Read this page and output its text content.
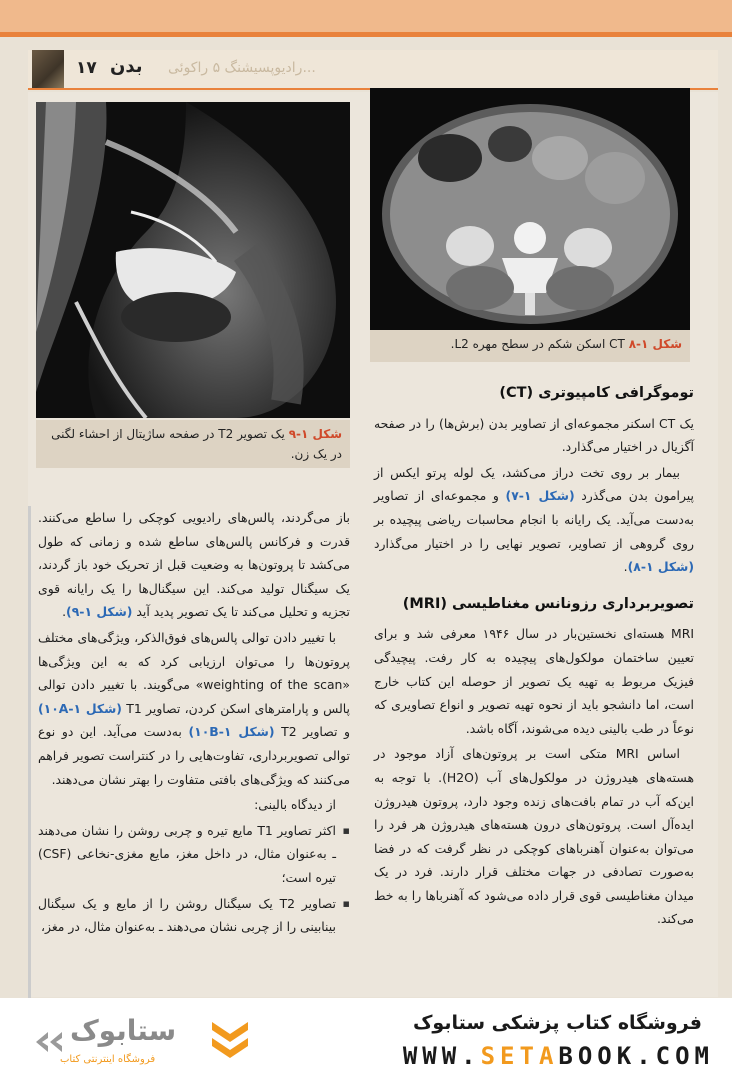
۱۷ بدن رادیوپسیشنگ ۵ راکوئی...
شکل ۱-۸ CT اسکن شکم در سطح مهره L2.
شکل ۱-۹ یک تصویر T2 در صفحه ساژیتال از احشاء لگنی در یک زن.
توموگرافی کامپیوتری (CT)

یک CT اسکنر مجموعه‌ای از تصاویر بدن (برش‌ها) را در صفحه آگزیال در اختیار می‌گذارد.

بیمار بر روی تخت دراز می‌کشد، یک لوله پرتو ایکس از پیرامون بدن می‌گذرد (شکل ۱-۷) و مجموعه‌ای از تصاویر به‌دست می‌آید. یک رایانه با انجام محاسبات ریاضی پیچیده بر روی گروهی از تصاویر، تصویر نهایی را در اختیار می‌گذارد (شکل ۱-۸).

تصویربرداری رزونانس مغناطیسی (MRI)

MRI هسته‌ای نخستین‌بار در سال ۱۹۴۶ معرفی شد و برای تعیین ساختمان مولکول‌های پیچیده به کار رفت. پیچیدگی فیزیک مربوط به تهیه یک تصویر از حوصله این کتاب خارج است، اما دانشجو باید از نحوه تهیه تصویر و انواع تصاویری که نوعاً در طب بالینی دیده می‌شوند، آگاه باشد.

اساس MRI متکی است بر پروتون‌های آزاد موجود در هسته‌های هیدروژن در مولکول‌های آب (H2O). با توجه به این‌که آب در تمام بافت‌های زنده وجود دارد، پروتون هیدروژن ایده‌آل است. پروتون‌های درون هسته‌های هیدروژن هر فرد را می‌توان به‌عنوان آهنرباهای کوچکی در نظر گرفت که در فضا به‌صورت تصادفی در جهات مختلف قرار دارند. فرد در یک میدان مغناطیسی قوی قرار داده می‌شود که آهنرباها را به خط می‌کند.

باز می‌گردند، پالس‌های رادیویی کوچکی را ساطع می‌کنند. قدرت و فرکانس پالس‌های ساطع شده و زمانی که طول می‌کشد تا پروتون‌ها به وضعیت قبل از تحریک خود باز گردند، یک سیگنال تولید می‌کند. این سیگنال‌ها را یک رایانه قوی تجزیه و تحلیل می‌کند تا یک تصویر پدید آید (شکل ۱-۹).

با تغییر دادن توالی پالس‌های فوق‌الذکر، ویژگی‌های مختلف پروتون‌ها را می‌توان ارزیابی کرد که به این ویژگی‌ها «weighting of the scan» می‌گویند. با تغییر دادن توالی پالس و پارامترهای اسکن کردن، تصاویر T1 (شکل ۱-۱۰A) و تصاویر T2 (شکل ۱-۱۰B) به‌دست می‌آید. این دو نوع توالی تصویربرداری، تفاوت‌هایی را در کنتراست تصویر فراهم می‌کنند که ویژگی‌های بافتی متفاوت را بهتر نشان می‌دهند.

از دیدگاه بالینی:

▪ اکثر تصاویر T1 مایع تیره و چربی روشن را نشان می‌دهند ـ به‌عنوان مثال، در داخل مغز، مایع مغزی-نخاعی (CSF) تیره است؛

▪ تصاویر T2 یک سیگنال روشن را از مایع و یک سیگنال بینابینی را از چربی نشان می‌دهند ـ به‌عنوان مثال، در مغز،

ستابوک
فروشگاه اینترنتی کتاب
فروشگاه کتاب پزشکی ستابوک
WWW.SETABOOK.COM
